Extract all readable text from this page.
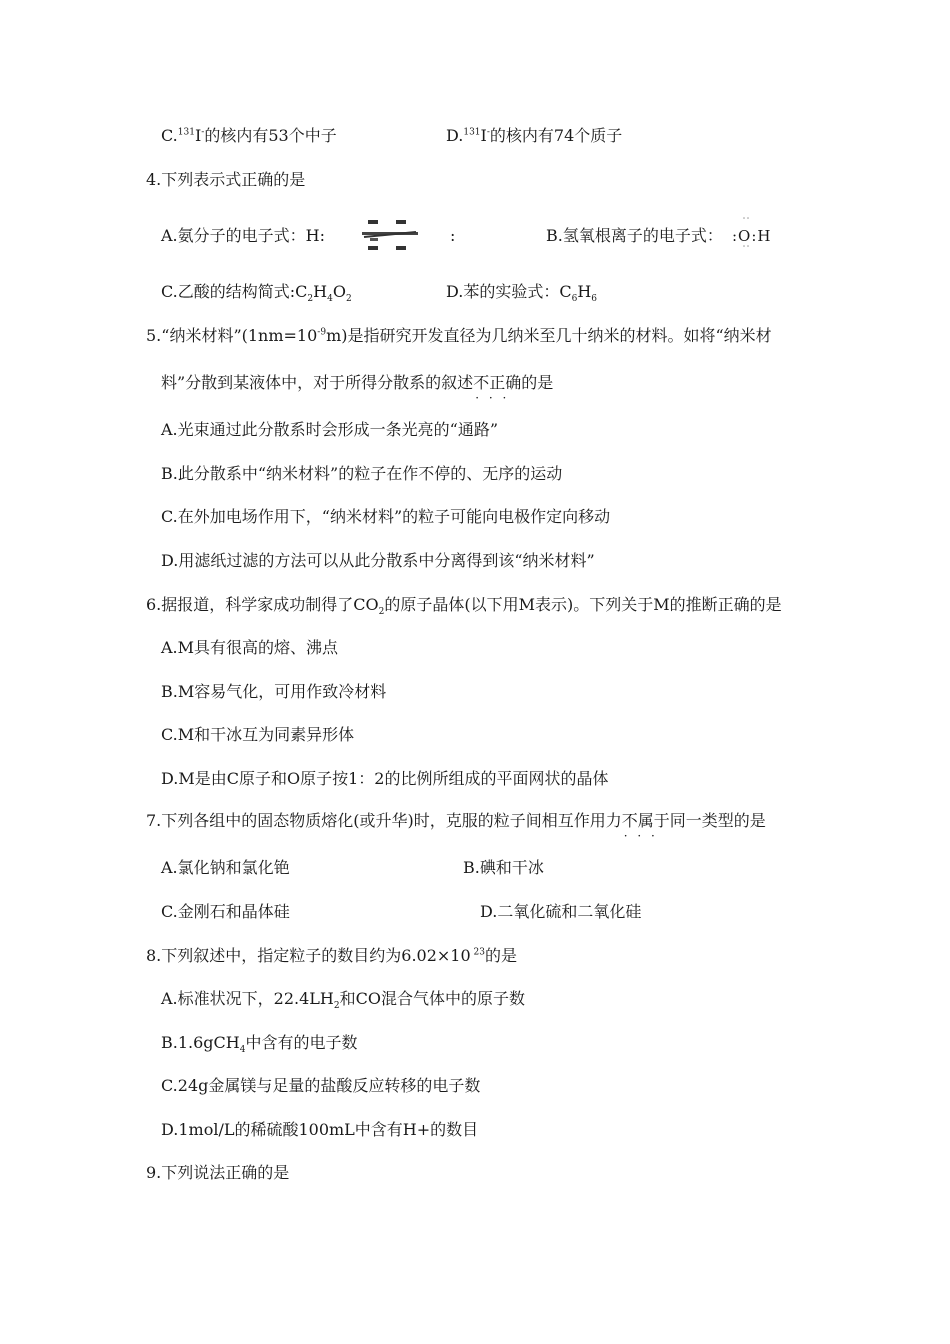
C.$^{131}$I-的核内有53个中子	D.$^{131}$I-的核内有74个质子
4.下列表示式正确的是
A.氨分子的电子式：H:	:	B.氢氧根离子的电子式： :O:H
C.乙酸的结构简式$:C_2H_4O_2$	D.苯的实验式：$C_6H_6$
5.“纳米材料$”(1nm=10^{-9}m)$是指研究开发直径为几纳米至几十纳米的材料。如将“纳米材
料”分散到某液体中，对于所得分散系的叙述不正确 · · ·的是
A.光束通过此分散系时会形成一条光亮的“通路”
B.此分散系中“纳米材料”的粒子在作不停的、无序的运动
C.在外加电场作用下，“纳米材料”的粒子可能向电极作定向移动
D.用滤纸过滤的方法可以从此分散系中分离得到该“纳米材料”
6.据报道，科学家成功制得了$CO_2$的原子晶体(以下用M表示)。下列关于M的推断正确的是
A.M具有很高的熔、沸点
B.M容易气化，可用作致冷材料
C.M和干冰互为同素异形体
D.M是由C原子和O原子按1：2的比例所组成的平面网状的晶体
7.下列各组中的固态物质熔化(或升华)时，克服的粒子间相互作用力不属于 · · ·同一类型的是
A.氯化钠和氯化铯	B.碘和干冰
C.金刚石和晶体硅	D.二氧化硫和二氧化硅
8.下列叙述中，指定粒子的数目约为6.02×10 $^{23}$的是
A.标准状况下，$22.4LH_2$和CO混合气体中的原子数
B.1.6gCH$_4$中含有的电子数
C.24g金属镁与足量的盐酸反应转移的电子数
D.1mol/L的稀硫酸100mL中含有H+的数目
9.下列说法正确的是
